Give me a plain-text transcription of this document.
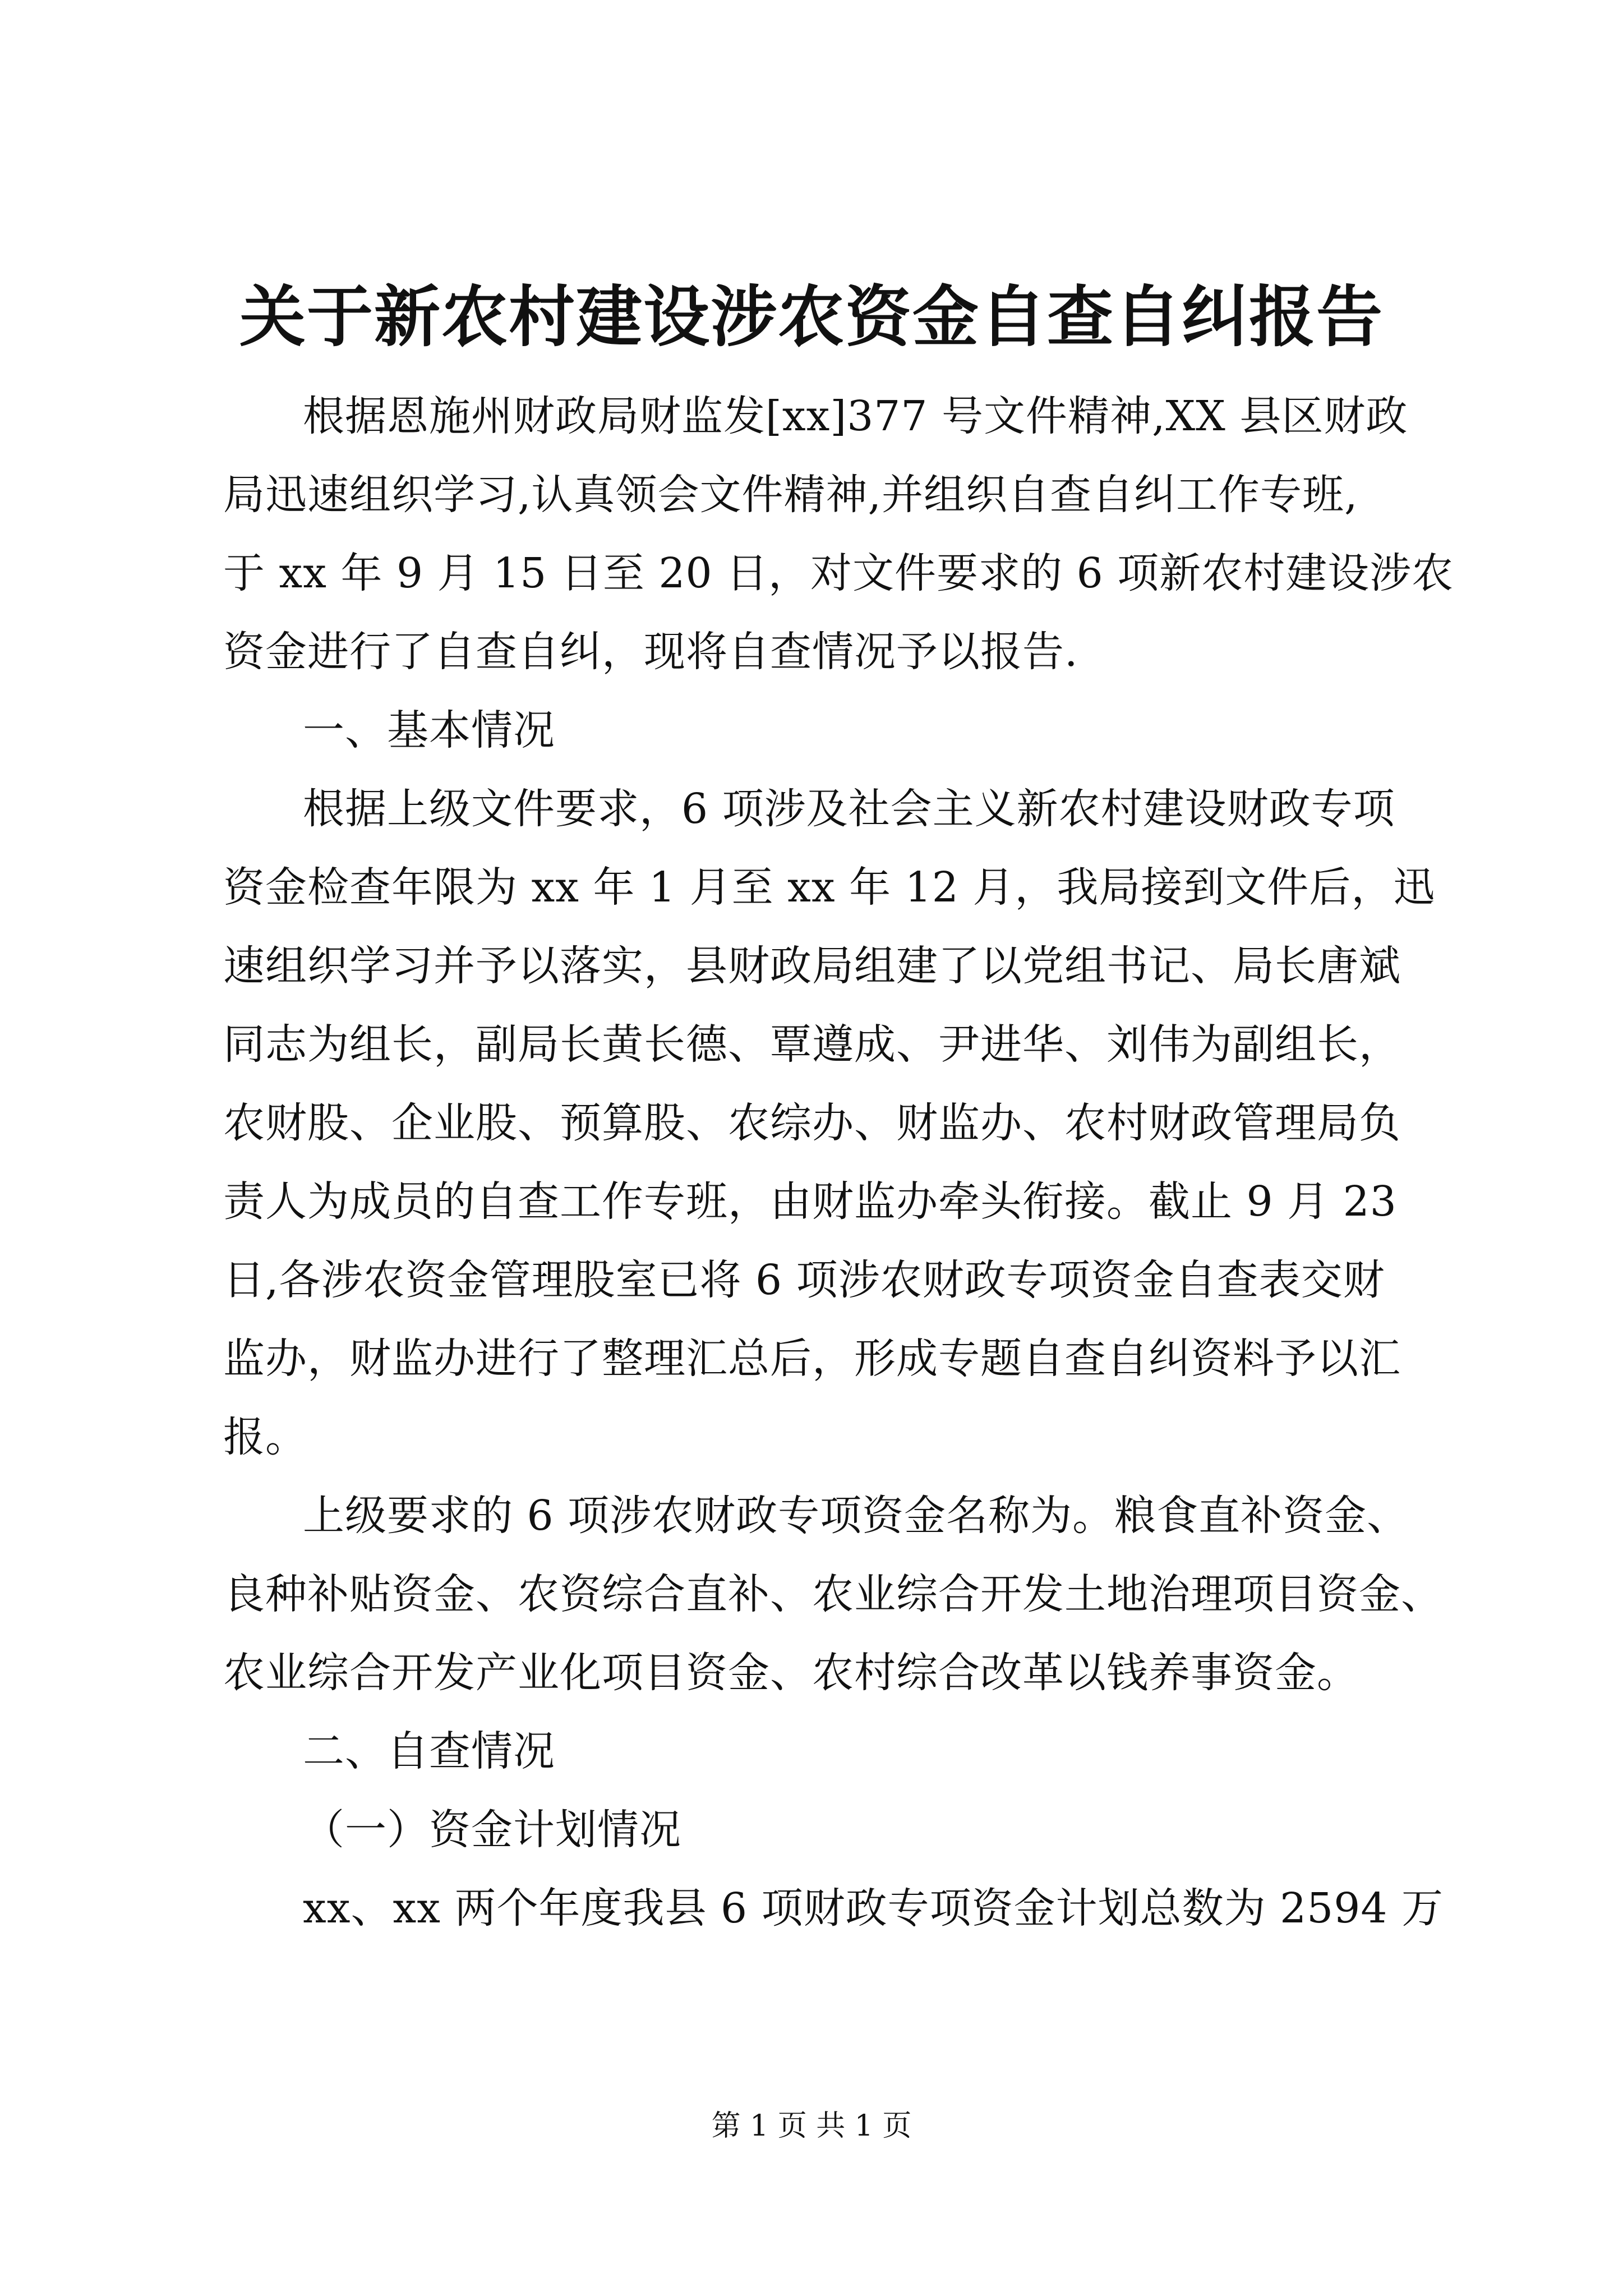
关于新农村建设涉农资金自查自纠报告
根据恩施州财政局财监发[xx]377 号文件精神,XX 县区财政
局迅速组织学习,认真领会文件精神,并组织自查自纠工作专班,
于 xx 年 9 月 15 日至 20 日，对文件要求的 6 项新农村建设涉农
资金进行了自查自纠，现将自查情况予以报告.
一、基本情况
根据上级文件要求，6 项涉及社会主义新农村建设财政专项
资金检查年限为 xx 年 1 月至 xx 年 12 月，我局接到文件后，迅
速组织学习并予以落实，县财政局组建了以党组书记、局长唐斌
同志为组长，副局长黄长德、覃遵成、尹进华、刘伟为副组长，
农财股、企业股、预算股、农综办、财监办、农村财政管理局负
责人为成员的自查工作专班，由财监办牵头衔接。截止 9 月 23
日,各涉农资金管理股室已将 6 项涉农财政专项资金自查表交财
监办，财监办进行了整理汇总后，形成专题自查自纠资料予以汇
报。
上级要求的 6 项涉农财政专项资金名称为。粮食直补资金、
良种补贴资金、农资综合直补、农业综合开发土地治理项目资金、
农业综合开发产业化项目资金、农村综合改革以钱养事资金。
二、自查情况
（一）资金计划情况
xx、xx 两个年度我县 6 项财政专项资金计划总数为 2594 万
第 1 页 共 1 页
